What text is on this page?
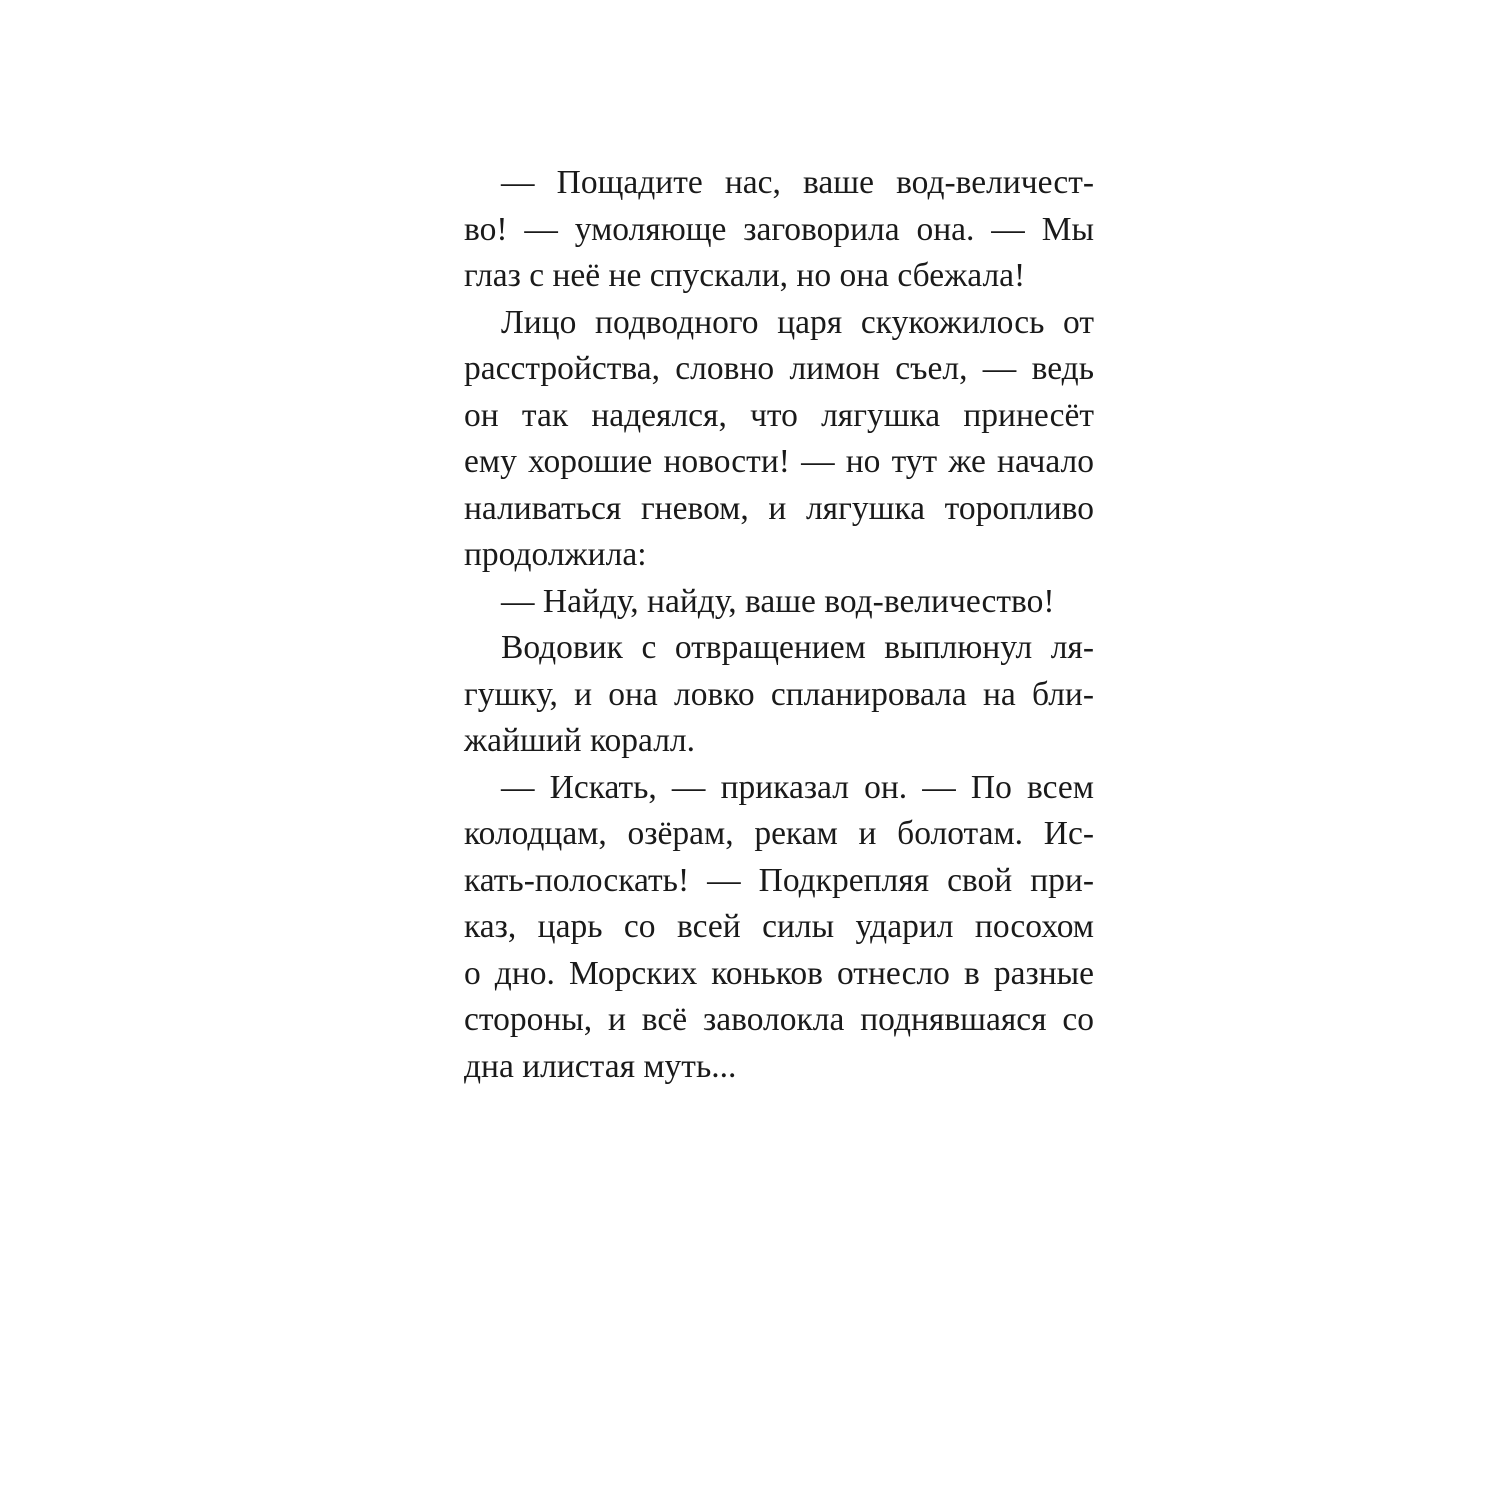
— Пощадите нас, ваше вод-величест-
во! — умоляюще заговорила она. — Мы
глаз с неё не спускали, но она сбежала!
Лицо подводного царя скукожилось от
расстройства, словно лимон съел, — ведь
он так надеялся, что лягушка принесёт
ему хорошие новости! — но тут же начало
наливаться гневом, и лягушка торопливо
продолжила:
— Найду, найду, ваше вод-величество!
Водовик с отвращением выплюнул ля-
гушку, и она ловко спланировала на бли-
жайший коралл.
— Искать, — приказал он. — По всем
колодцам, озёрам, рекам и болотам. Ис-
кать-полоскать! — Подкрепляя свой при-
каз, царь со всей силы ударил посохом
о дно. Морских коньков отнесло в разные
стороны, и всё заволокла поднявшаяся со
дна илистая муть...
